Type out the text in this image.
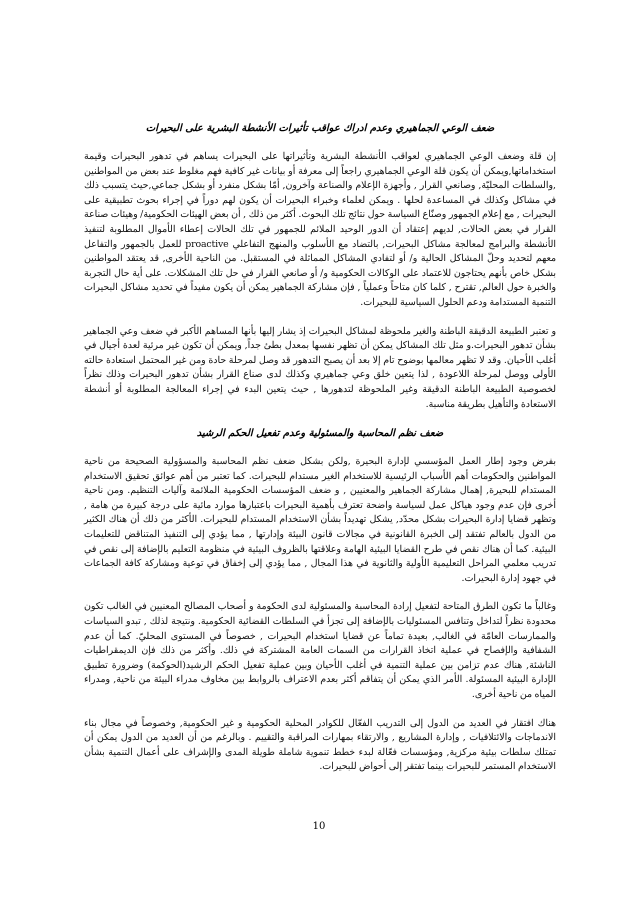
ضعف الوعي الجماهيري وعدم ادراك عواقب تأثيرات الأنشطة البشرية على البحيرات

إن قلة وضعف الوعي الجماهيري لعواقب الأنشطة البشرية وتأثيراتها على البحيرات يساهم في تدهور البحيرات وقيمة استخداماتها,ويمكن أن يكون قلة الوعي الجماهيري راجعاً إلى معرفة أو بيانات غير كافية فهم مغلوط عند بعض من المواطنين ,والسلطات المحليّة, وصانعي القرار , وأجهزة الإعلام والصناعة وآخرون, أمّا بشكل منفرد أو بشكل جماعي,حيث يتسبب ذلك في مشاكل وكذلك في المساعدة لحلها . ويمكن لعلماء وخبراء البحيرات أن يكون لهم دوراً في إجراء بحوث تطبيقية على البحيرات , مع إعلام الجمهور وصنّاع السياسة حول نتائج تلك البحوث. أكثر من ذلك , أن بعض الهيئات الحكومية/ وهيئات صناعة القرار في بعض الحالات, لديهم إعتقاد أن الدور الوحيد الملائم للجمهور في تلك الحالات إعطاء الأموال المطلوبة لتنفيذ الأنشطة والبرامج لمعالجة مشاكل البحيرات, بالتضاد مع الأسلوب والمنهج التفاعلي proactive للعمل بالجمهور والتفاعل معهم لتحديد وحلّ المشاكل الحالية و/ أو لتفادي المشاكل المماثلة في المستقبل. من الناحية الأخرى, قد يعتقد المواطنين بشكل خاص بأنهم يحتاجون للاعتماد على الوكالات الحكومية و/ أو صانعي القرار في حل تلك المشكلات. على أية حال التجربة والخبرة حول العالم, تقترح , كلما كان متاحاً وعملياً , فإن مشاركة الجماهير يمكن أن يكون مفيداً في تحديد مشاكل البحيرات التنمية المستدامة ودعم الحلول السياسية للبحيرات.

و تعتبر الطبيعة الدقيقة الباطنة والغير ملحوظة لمشاكل البحيرات إذ يشار إليها بأنها المساهم الأكبر في ضعف وعي الجماهير بشأن تدهور البحيرات.و مثل تلك المشاكل يمكن أن تظهر نفسها بمعدل بطئ جداً, ويمكن أن تكون غير مرئية لعدة أجيال في أغلب الأحيان. وقد لا تظهر معالمها بوضوح تام إلا بعد أن يصبح التدهور قد وصل لمرحلة حادة ومن غير المحتمل استعادة حالته الأولى ووصل لمرحلة اللاعودة , لذا يتعين خلق وعي جماهيري وكذلك لدى صناع القرار بشأن تدهور البحيرات وذلك نظراً لخصوصية الطبيعة الباطنة الدقيقة وغير الملحوظة لتدهورها , حيث يتعين البدء في إجراء المعالجة المطلوبة أو أنشطة الاستعادة والتأهيل بطريقة مناسبة.

ضعف نظم المحاسبة والمسئولية وعدم تفعيل الحكم الرشيد

بفرض وجود إطار العمل المؤسسي لإدارة البحيرة ,ولكن بشكل ضعف نظم المحاسبة والمسؤولية الصحيحة من ناحية المواطنين والحكومات أهم الأسباب الرئيسية للاستخدام الغير مستدام للبحيرات. كما تعتبر من أهم عوائق تحقيق الاستخدام المستدام للبحيرة, إهمال مشاركة الجماهير والمعنيين , و ضعف المؤسسات الحكومية الملائمة وآليات التنظيم. ومن ناحية أخرى فإن عدم وجود هياكل عمل لسياسة واضحة تعترف بأهمية البحيرات باعتبارها موارد مائية على درجة كبيرة من هامة , وتظهر قضايا إدارة البحيرات بشكل محدّد, يشكل تهديداً بشأن الاستخدام المستدام للبحيرات. الأكثر من ذلك أن هناك الكثير من الدول بالعالم تفتقد إلى الخبرة القانونية في مجالات قانون البيئة وإدارتها , مما يؤدي إلى التنفيذ المتناقض للتعليمات البيئية. كما أن هناك نقص في طرح القضايا البيئية الهامة وعلاقتها بالظروف البيئية في منظومة التعليم بالإضافة إلى نقص في تدريب معلمي المراحل التعليمية الأولية والثانوية في هذا المجال , مما يؤدي إلى إخفاق في توعية ومشاركة كافة الجماعات في جهود إدارة البحيرات.

وغالباً ما تكون الطرق المتاحة لتفعيل إرادة المحاسبة والمسئولية لدى الحكومة و أصحاب المصالح المعنيين في الغالب تكون محدودة نظراً لتداخل وتنافس المسئوليات بالإضافة إلى تجزأ في السلطات القضائية الحكومية. ونتيجة لذلك , تبدو السياسات والممارسات العامّة في الغالب, بعيدة تماماً عن قضايا استخدام البحيرات , خصوصاً في المستوى المحليّ. كما أن عدم الشفافية والإفصاح في عملية اتخاذ القرارات من السمات العامة المشتركة في ذلك. وأكثر من ذلك فإن الديمقراطيات الناشئة, هناك عدم تزامن بين عملية التنمية في أغلب الأحيان وبين عملية تفعيل الحكم الرشيد(الحوكمة) وضرورة تطبيق الإدارة البيئية المسئولة. الأمر الذي يمكن أن يتفاقم أكثر بعدم الاعتراف بالروابط بين مخاوف مدراء البيئة من ناحية, ومدراء المياه من ناحية أخرى.

هناك افتقار في العديد من الدول إلى التدريب الفعّال للكوادر المحلية الحكومية و غير الحكومية, وخصوصاً في مجال بناء الاندماجات والائتلافيات , وإدارة المشاريع , والارتقاء بمهارات المراقبة والتقييم . وبالرغم من أن العديد من الدول يمكن أن تمتلك سلطات بيئية مركزية, ومؤسسات فعّالة لبدء خطط تنموية شاملة طويلة المدى والإشراف على أعمال التنمية بشأن الاستخدام المستمر للبحيرات بينما تفتقر إلى أحواض للبحيرات.

10
